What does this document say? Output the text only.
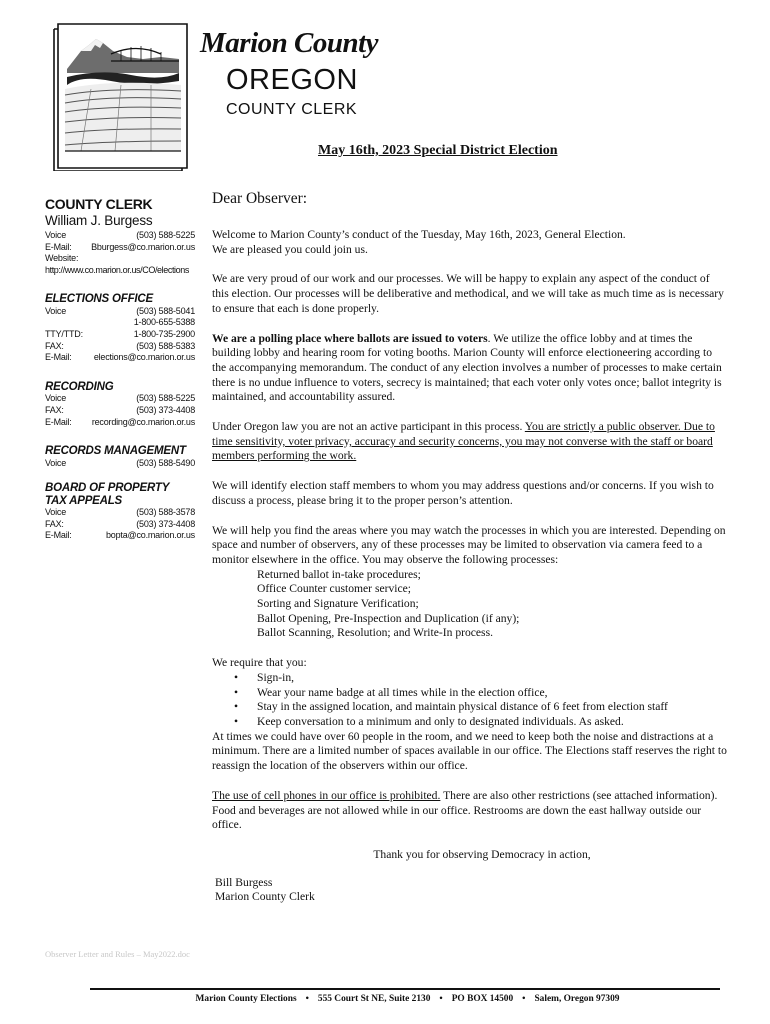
Marion County
OREGON
COUNTY CLERK
May 16th, 2023 Special District Election
COUNTY CLERK
William J. Burgess
Voice	(503) 588-5225
E-Mail: Bburgess@co.marion.or.us
Website:
http://www.co.marion.or.us/CO/elections
ELECTIONS OFFICE
Voice	(503) 588-5041
1-800-655-5388
TTY/TTD:	1-800-735-2900
FAX:	(503) 588-5383
E-Mail: elections@co.marion.or.us
RECORDING
Voice	(503) 588-5225
FAX:	(503) 373-4408
E-Mail: recording@co.marion.or.us
RECORDS MANAGEMENT
Voice	(503) 588-5490
BOARD OF PROPERTY
TAX APPEALS
Voice	(503) 588-3578
FAX:	(503) 373-4408
E-Mail:	bopta@co.marion.or.us
Dear Observer:
Welcome to Marion County’s conduct of the Tuesday, May 16th, 2023, General Election.
We are pleased you could join us.
We are very proud of our work and our processes. We will be happy to explain any aspect of the conduct of this election. Our processes will be deliberative and methodical, and we will take as much time as is necessary to ensure that each is done properly.
We are a polling place where ballots are issued to voters. We utilize the office lobby and at times the building lobby and hearing room for voting booths. Marion County will enforce electioneering according to the accompanying memorandum. The conduct of any election involves a number of processes to make certain there is no undue influence to voters, secrecy is maintained; that each voter only votes once; ballot integrity is maintained, and accountability assured.
Under Oregon law you are not an active participant in this process. You are strictly a public observer. Due to time sensitivity, voter privacy, accuracy and security concerns, you may not converse with the staff or board members performing the work.
We will identify election staff members to whom you may address questions and/or concerns. If you wish to discuss a process, please bring it to the proper person’s attention.
We will help you find the areas where you may watch the processes in which you are interested. Depending on space and number of observers, any of these processes may be limited to observation via camera feed to a monitor elsewhere in the office. You may observe the following processes:
Returned ballot in-take procedures;
Office Counter customer service;
Sorting and Signature Verification;
Ballot Opening, Pre-Inspection and Duplication (if any);
Ballot Scanning, Resolution; and Write-In process.
We require that you:
• Sign-in,
• Wear your name badge at all times while in the election office,
• Stay in the assigned location, and maintain physical distance of 6 feet from election staff
• Keep conversation to a minimum and only to designated individuals. As asked.
At times we could have over 60 people in the room, and we need to keep both the noise and distractions at a minimum. There are a limited number of spaces available in our office. The Elections staff reserves the right to reassign the location of the observers within our office.
The use of cell phones in our office is prohibited. There are also other restrictions (see attached information). Food and beverages are not allowed while in our office. Restrooms are down the east hallway outside our office.
Thank you for observing Democracy in action,
Bill Burgess
Marion County Clerk
Observer Letter and Rules – May2022.doc
Marion County Elections • 555 Court St NE, Suite 2130 • PO BOX 14500 • Salem, Oregon 97309
